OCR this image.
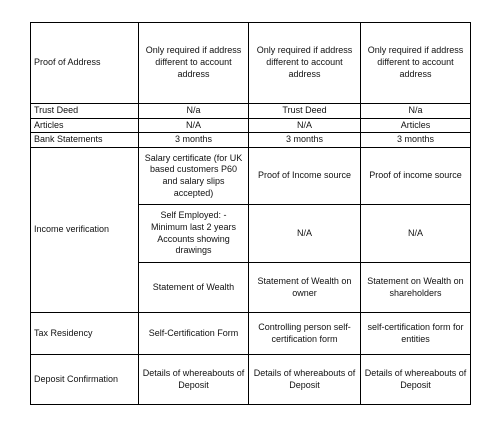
Proof of Address	Only required if address different to account address	Only required if address different to account address	Only required if address different to account address
Trust Deed	N/a	Trust Deed	N/a
Articles	N/A	N/A	Articles
Bank Statements	3 months	3 months	3 months
Income verification	Salary certificate (for UK based customers P60 and salary slips accepted)	Proof of Income source	Proof of income source
	Self Employed: - Minimum last 2 years Accounts showing drawings	N/A	N/A
	Statement of Wealth	Statement of Wealth on owner	Statement on Wealth on shareholders
Tax Residency	Self-Certification Form	Controlling person self-certification form	self-certification form for entities
Deposit Confirmation	Details of whereabouts of Deposit	Details of whereabouts of Deposit	Details of whereabouts of Deposit
